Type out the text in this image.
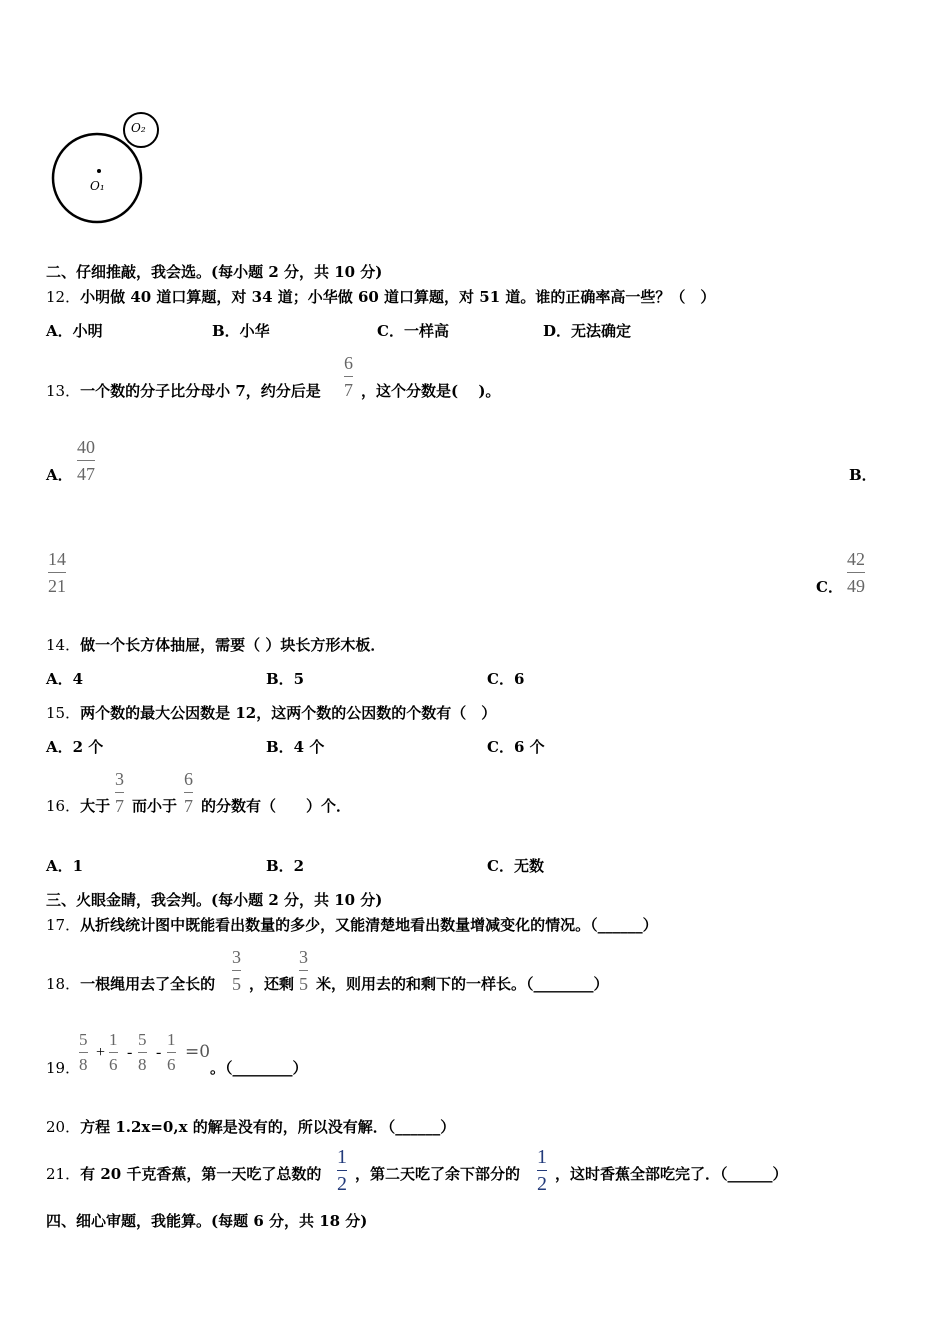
O₁
O₂
二、仔细推敲，我会选。(每小题 2 分，共 10 分)
12．小明做 40 道口算题，对 34 道；小华做 60 道口算题，对 51 道。谁的正确率高一些？（　）
A．小明	B．小华	C．一样高	D．无法确定
13．一个数的分子比分母小 7，约分后是
6
7 ，这个分数是(　 )。
A．
40
47	B．
14
21	C．
42
49
14．做一个长方体抽屉，需要（ ）块长方形木板．
A．4	B．5	C．6
15．两个数的最大公因数是 12，这两个数的公因数的个数有（　）
A．2 个	B．4 个	C．6 个
16．大于
3
7 而小于
6
7 的分数有（　　）个．
A．1	B．2	C．无数
三、火眼金睛，我会判。(每小题 2 分，共 10 分)
17．从折线统计图中既能看出数量的多少，又能清楚地看出数量增减变化的情况。（______）
18．一根绳用去了全长的
3
5 ，还剩
3
5 米，则用去的和剩下的一样长。（________）
19．
5
8
+
1
6
-
5
8
-
1
6
=0
。（________）
20．方程 1.2x=0,x 的解是没有的，所以没有解．（______）
21．有 20 千克香蕉，第一天吃了总数的
1
2 ，第二天吃了余下部分的
1
2 ，这时香蕉全部吃完了．（______）
四、细心审题，我能算。(每题 6 分，共 18 分)
